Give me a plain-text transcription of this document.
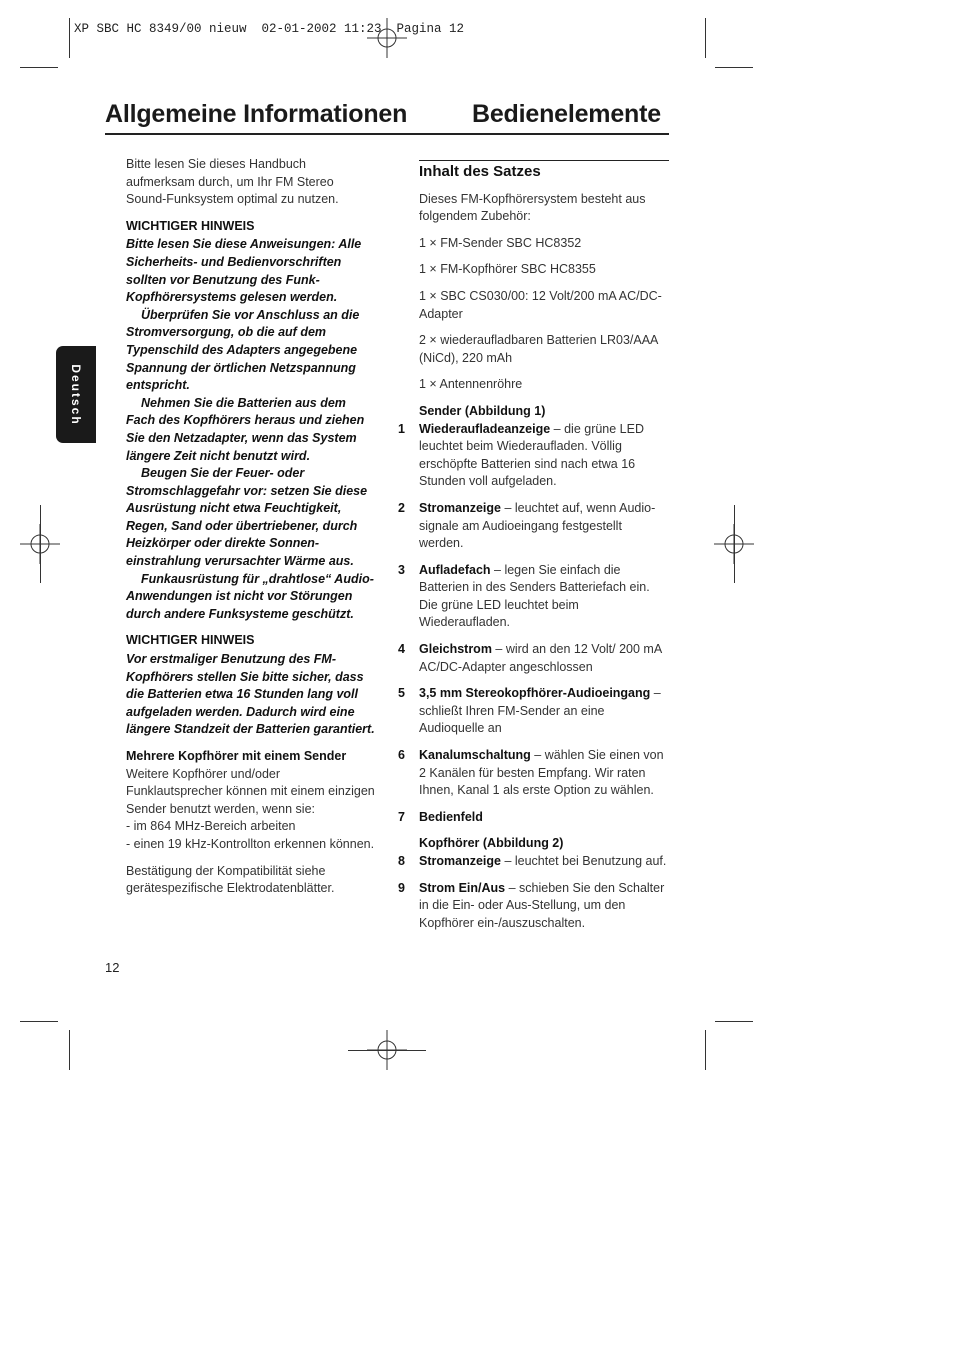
XP SBC HC 8349/00 nieuw  02-01-2002 11:23  Pagina 12
Allgemeine Informationen	Bedienelemente
Deutsch

Bitte lesen Sie dieses Handbuch aufmerksam durch, um Ihr FM Stereo Sound-Funksystem optimal zu nutzen.

WICHTIGER HINWEIS

Bitte lesen Sie diese Anweisungen: Alle Sicherheits- und Bedienvorschriften sollten vor Benutzung des Funk-Kopfhörersystems gelesen werden.
Überprüfen Sie vor Anschluss an die Stromversorgung, ob die auf dem Typenschild des Adapters angegebene Spannung der örtlichen Netzspannung entspricht.
Nehmen Sie die Batterien aus dem Fach des Kopfhörers heraus und ziehen Sie den Netzadapter, wenn das System längere Zeit nicht benutzt wird.
Beugen Sie der Feuer- oder Stromschlaggefahr vor: setzen Sie diese Ausrüstung nicht etwa Feuchtigkeit, Regen, Sand oder übertriebener, durch Heizkörper oder direkte Sonnen-einstrahlung verursachter Wärme aus.
Funkausrüstung für „drahtlose“ Audio-Anwendungen ist nicht vor Störungen durch andere Funksysteme geschützt.

WICHTIGER HINWEIS

Vor erstmaliger Benutzung des FM-Kopfhörers stellen Sie bitte sicher, dass die Batterien etwa 16 Stunden lang voll aufgeladen werden. Dadurch wird eine längere Standzeit der Batterien garantiert.

Mehrere Kopfhörer mit einem Sender
Weitere Kopfhörer und/oder Funklautsprecher können mit einem einzigen Sender benutzt werden, wenn sie:
- im 864 MHz-Bereich arbeiten

- einen 19 kHz-Kontrollton erkennen können.

Bestätigung der Kompatibilität siehe gerätespezifische Elektrodatenblätter.

Inhalt des Satzes

Dieses FM-Kopfhörersystem besteht aus folgendem Zubehör:

1 × FM-Sender SBC HC8352

1 × FM-Kopfhörer SBC HC8355

1 × SBC CS030/00: 12 Volt/200 mA AC/DC-Adapter

2 × wiederaufladbaren Batterien LR03/AAA (NiCd), 220 mAh

1 × Antennenröhre

Sender (Abbildung 1)

1 Wiederaufladeanzeige – die grüne LED leuchtet beim Wiederaufladen. Völlig erschöpfte Batterien sind nach etwa 16 Stunden voll aufgeladen.

2 Stromanzeige – leuchtet auf, wenn Audio-signale am Audioeingang festgestellt werden.

3 Aufladefach – legen Sie einfach die Batterien in des Senders Batteriefach ein. Die grüne LED leuchtet beim Wiederaufladen.

4 Gleichstrom – wird an den 12 Volt/ 200 mA AC/DC-Adapter angeschlossen

5 3,5 mm Stereokopfhörer-Audioeingang – schließt Ihren FM-Sender an eine Audioquelle an

6 Kanalumschaltung – wählen Sie einen von 2 Kanälen für besten Empfang. Wir raten Ihnen, Kanal 1 als erste Option zu wählen.

7 Bedienfeld

Kopfhörer (Abbildung 2)

8 Stromanzeige – leuchtet bei Benutzung auf.

9 Strom Ein/Aus – schieben Sie den Schalter in die Ein- oder Aus-Stellung, um den Kopfhörer ein-/auszuschalten.

12
